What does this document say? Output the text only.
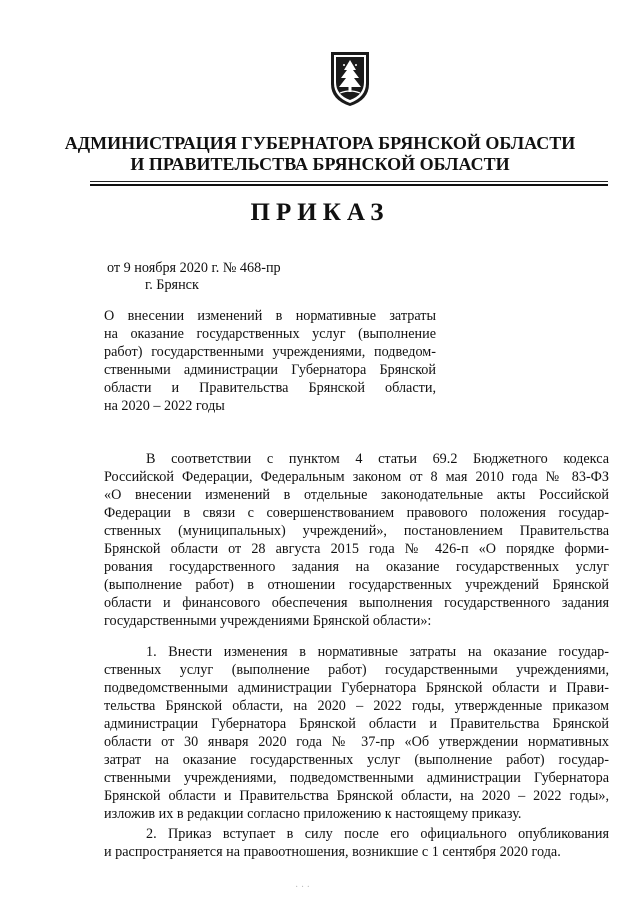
АДМИНИСТРАЦИЯ ГУБЕРНАТОРА БРЯНСКОЙ ОБЛАСТИ
И ПРАВИТЕЛЬСТВА БРЯНСКОЙ ОБЛАСТИ
ПРИКАЗ
от 9 ноября 2020 г. № 468-пр
г. Брянск
О внесении изменений в нормативные затраты
на оказание государственных услуг (выполнение
работ) государственными учреждениями, подведом-
ственными администрации Губернатора Брянской
области и Правительства Брянской области,
на 2020 – 2022 годы
В соответствии с пунктом 4 статьи 69.2 Бюджетного кодекса
Российской Федерации, Федеральным законом от 8 мая 2010 года № 83-ФЗ
«О внесении изменений в отдельные законодательные акты Российской
Федерации в связи с совершенствованием правового положения государ-
ственных (муниципальных) учреждений», постановлением Правительства
Брянской области от 28 августа 2015 года № 426-п «О порядке форми-
рования государственного задания на оказание государственных услуг
(выполнение работ) в отношении государственных учреждений Брянской
области и финансового обеспечения выполнения государственного задания
государственными учреждениями Брянской области»:
1. Внести изменения в нормативные затраты на оказание государ-
ственных услуг (выполнение работ) государственными учреждениями,
подведомственными администрации Губернатора Брянской области и Прави-
тельства Брянской области, на 2020 – 2022 годы, утвержденные приказом
администрации Губернатора Брянской области и Правительства Брянской
области от 30 января 2020 года № 37-пр «Об утверждении нормативных
затрат на оказание государственных услуг (выполнение работ) государ-
ственными учреждениями, подведомственными администрации Губернатора
Брянской области и Правительства Брянской области, на 2020 – 2022 годы»,
изложив их в редакции согласно приложению к настоящему приказу.
2. Приказ вступает в силу после его официального опубликования
и распространяется на правоотношения, возникшие с 1 сентября 2020 года.
· · ·
